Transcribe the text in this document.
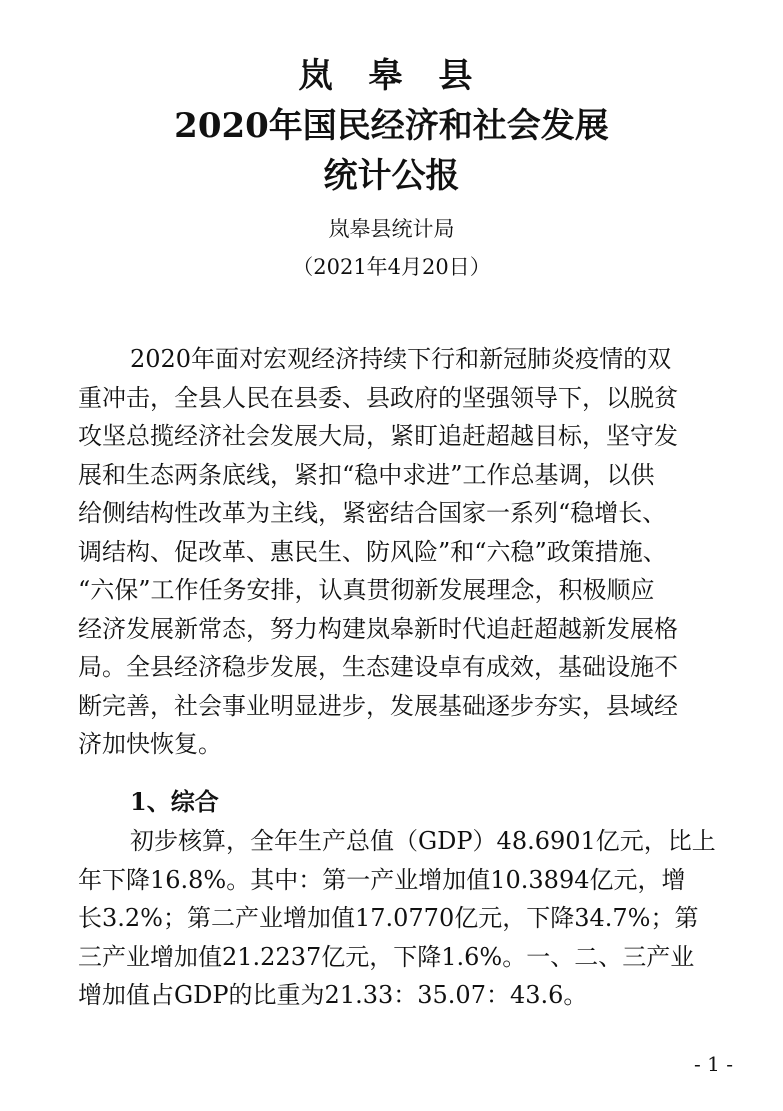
岚 皋 县
2020年国民经济和社会发展
统计公报
岚皋县统计局
（2021年4月20日）
2020年面对宏观经济持续下行和新冠肺炎疫情的双
重冲击，全县人民在县委、县政府的坚强领导下，以脱贫
攻坚总揽经济社会发展大局，紧盯追赶超越目标，坚守发
展和生态两条底线，紧扣“稳中求进”工作总基调，以供
给侧结构性改革为主线，紧密结合国家一系列“稳增长、
调结构、促改革、惠民生、防风险”和“六稳”政策措施、
“六保”工作任务安排，认真贯彻新发展理念，积极顺应
经济发展新常态，努力构建岚皋新时代追赶超越新发展格
局。全县经济稳步发展，生态建设卓有成效，基础设施不
断完善，社会事业明显进步，发展基础逐步夯实，县域经
济加快恢复。
1、综合
初步核算，全年生产总值（GDP）48.6901亿元，比上
年下降16.8%。其中：第一产业增加值10.3894亿元，增
长3.2%；第二产业增加值17.0770亿元，下降34.7%；第
三产业增加值21.2237亿元，下降1.6%。一、二、三产业
增加值占GDP的比重为21.33：35.07：43.6。
- 1 -
